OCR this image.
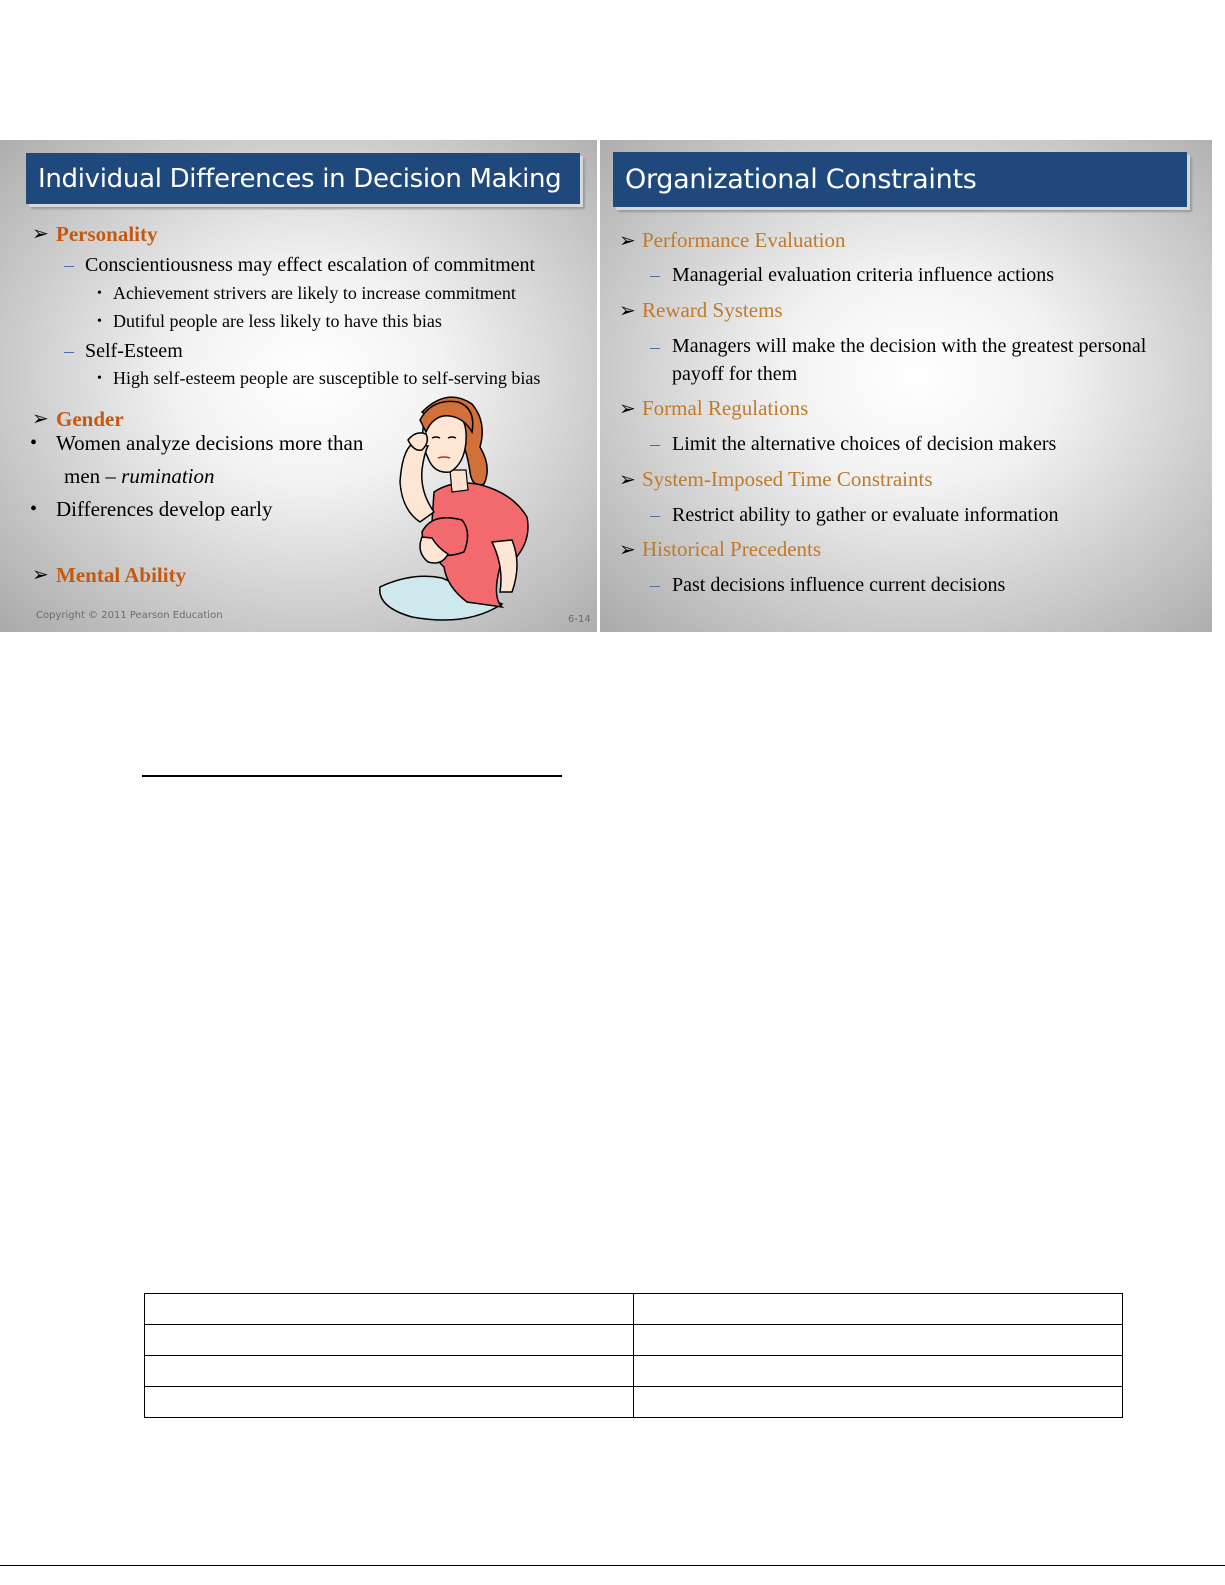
Individual Differences in Decision Making
➢ Personality
– Conscientiousness may effect escalation of commitment
• Achievement strivers are likely to increase commitment
• Dutiful people are less likely to have this bias
– Self-Esteem
• High self-esteem people are susceptible to self-serving bias
➢ Gender
• Women analyze decisions more than
men – rumination
• Differences develop early
➢ Mental Ability
Copyright © 2011 Pearson Education	6-14
Organizational Constraints
➢ Performance Evaluation
– Managerial evaluation criteria influence actions
➢ Reward Systems
– Managers will make the decision with the greatest personal
payoff for them
➢ Formal Regulations
– Limit the alternative choices of decision makers
➢ System-Imposed Time Constraints
– Restrict ability to gather or evaluate information
➢ Historical Precedents
– Past decisions influence current decisions
